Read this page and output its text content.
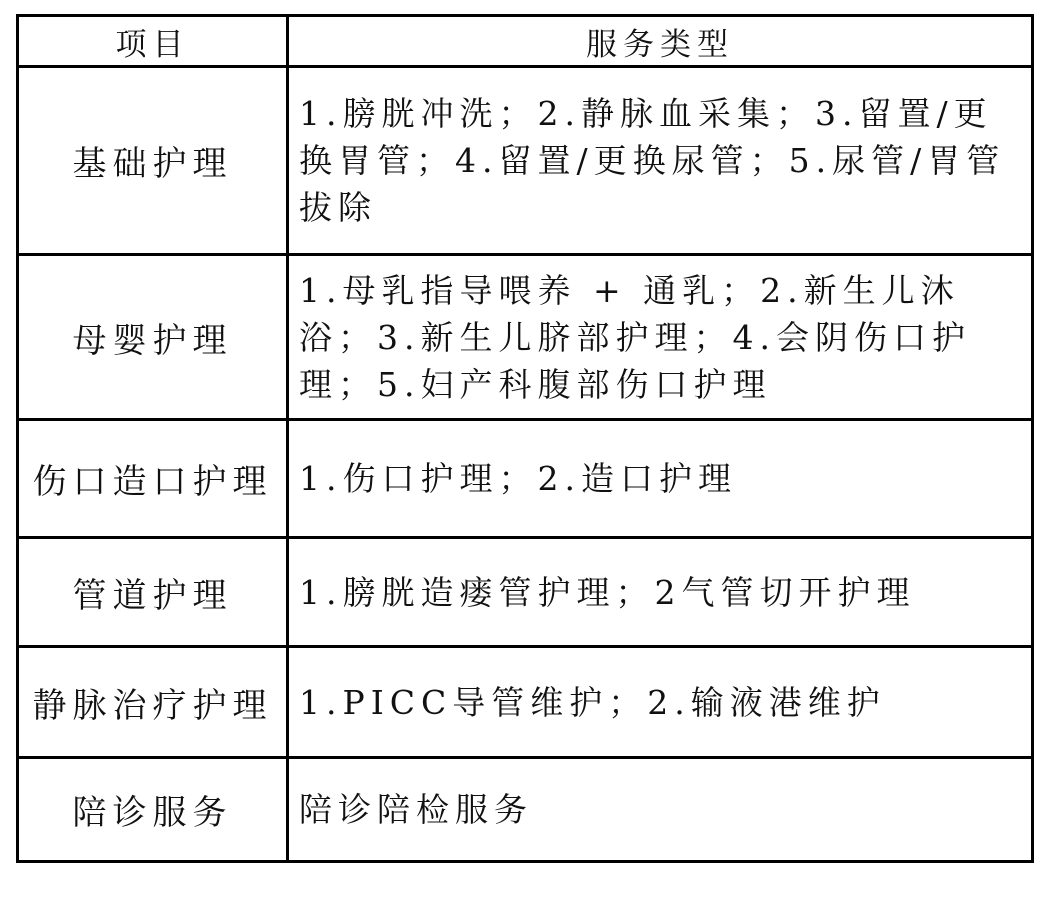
项目	服务类型
基础护理	1.膀胱冲洗；2.静脉血采集；3.留置/更换胃管；4.留置/更换尿管；5.尿管/胃管拔除
母婴护理	1.母乳指导喂养 + 通乳；2.新生儿沐浴；3.新生儿脐部护理；4.会阴伤口护理；5.妇产科腹部伤口护理
伤口造口护理	1.伤口护理；2.造口护理
管道护理	1.膀胱造瘘管护理；2气管切开护理
静脉治疗护理	1.PICC导管维护；2.输液港维护
陪诊服务	陪诊陪检服务
